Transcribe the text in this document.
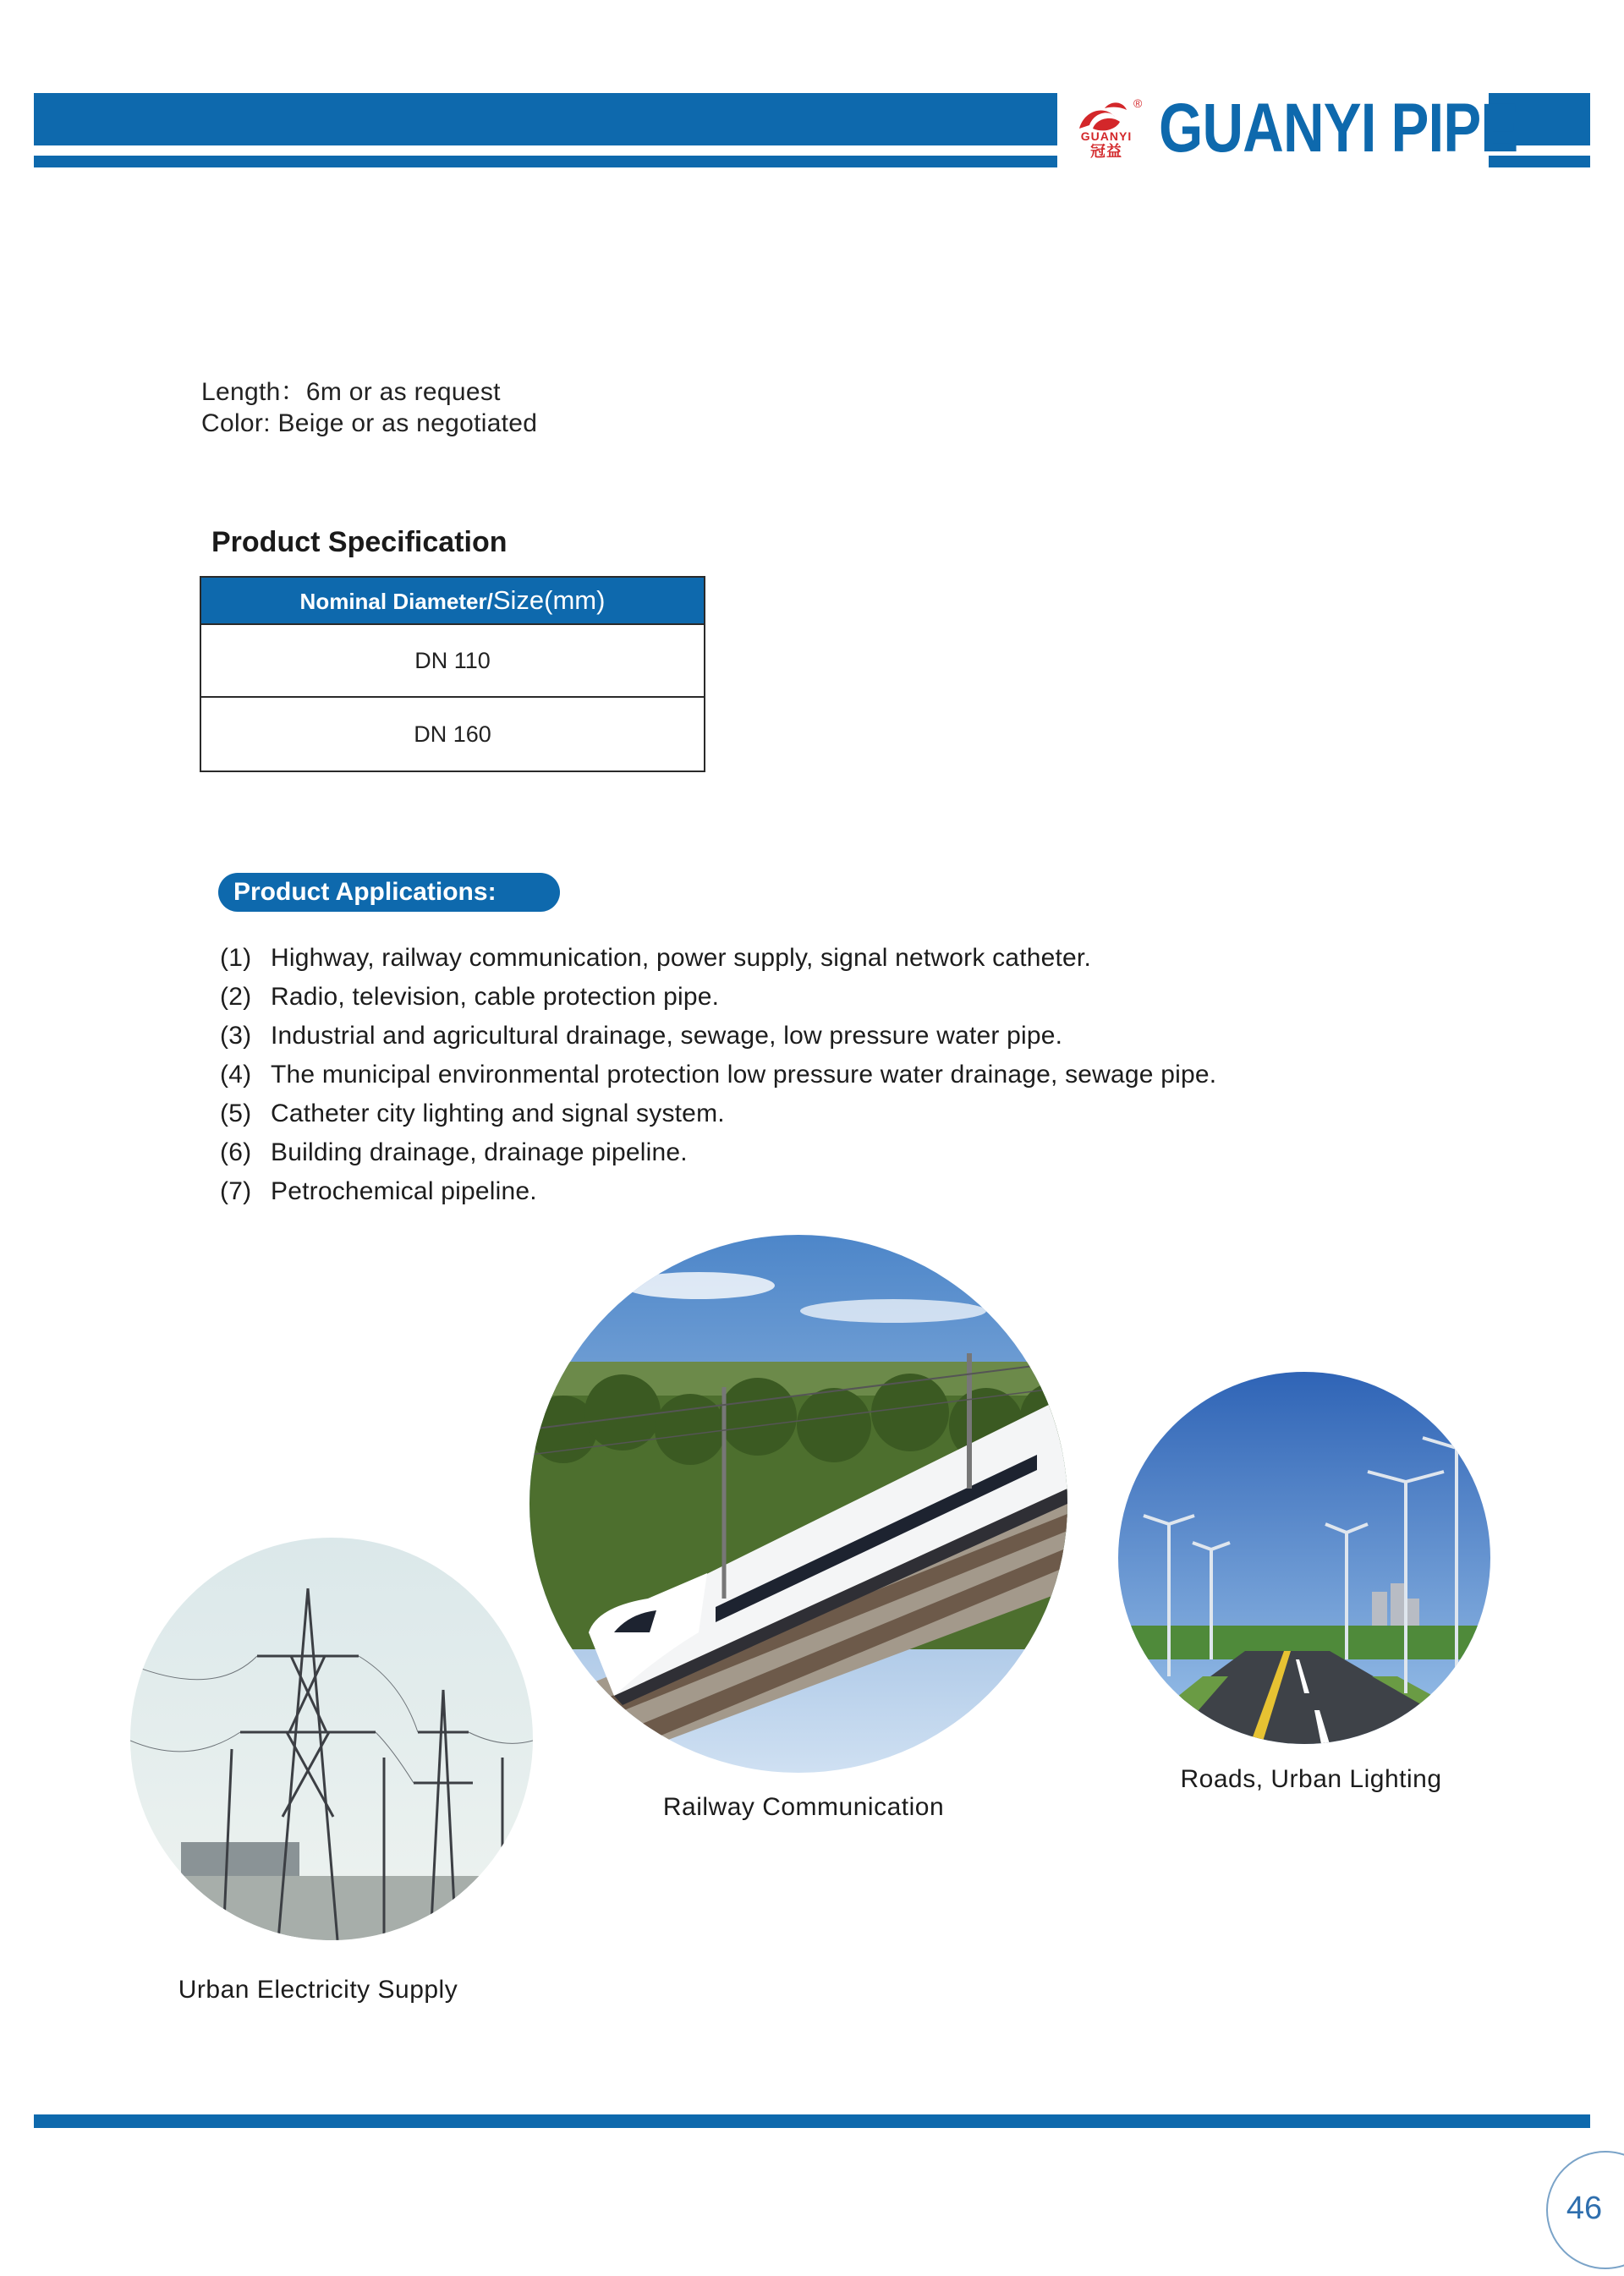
®
GUANYI
冠益 GUANYI PIPE
Length：6m or as request
Color: Beige or as negotiated
Product Specification
Nominal Diameter/Size(mm)
DN 110
DN 160
Product Applications:
(1) Highway, railway communication, power supply, signal network catheter.
(2) Radio, television, cable protection pipe.
(3) Industrial and agricultural drainage, sewage, low pressure water pipe.
(4) The municipal environmental protection low pressure water drainage, sewage pipe.
(5) Catheter city lighting and signal system.
(6) Building drainage, drainage pipeline.
(7) Petrochemical pipeline.
Railway Communication
Roads, Urban Lighting
Urban Electricity Supply
46
